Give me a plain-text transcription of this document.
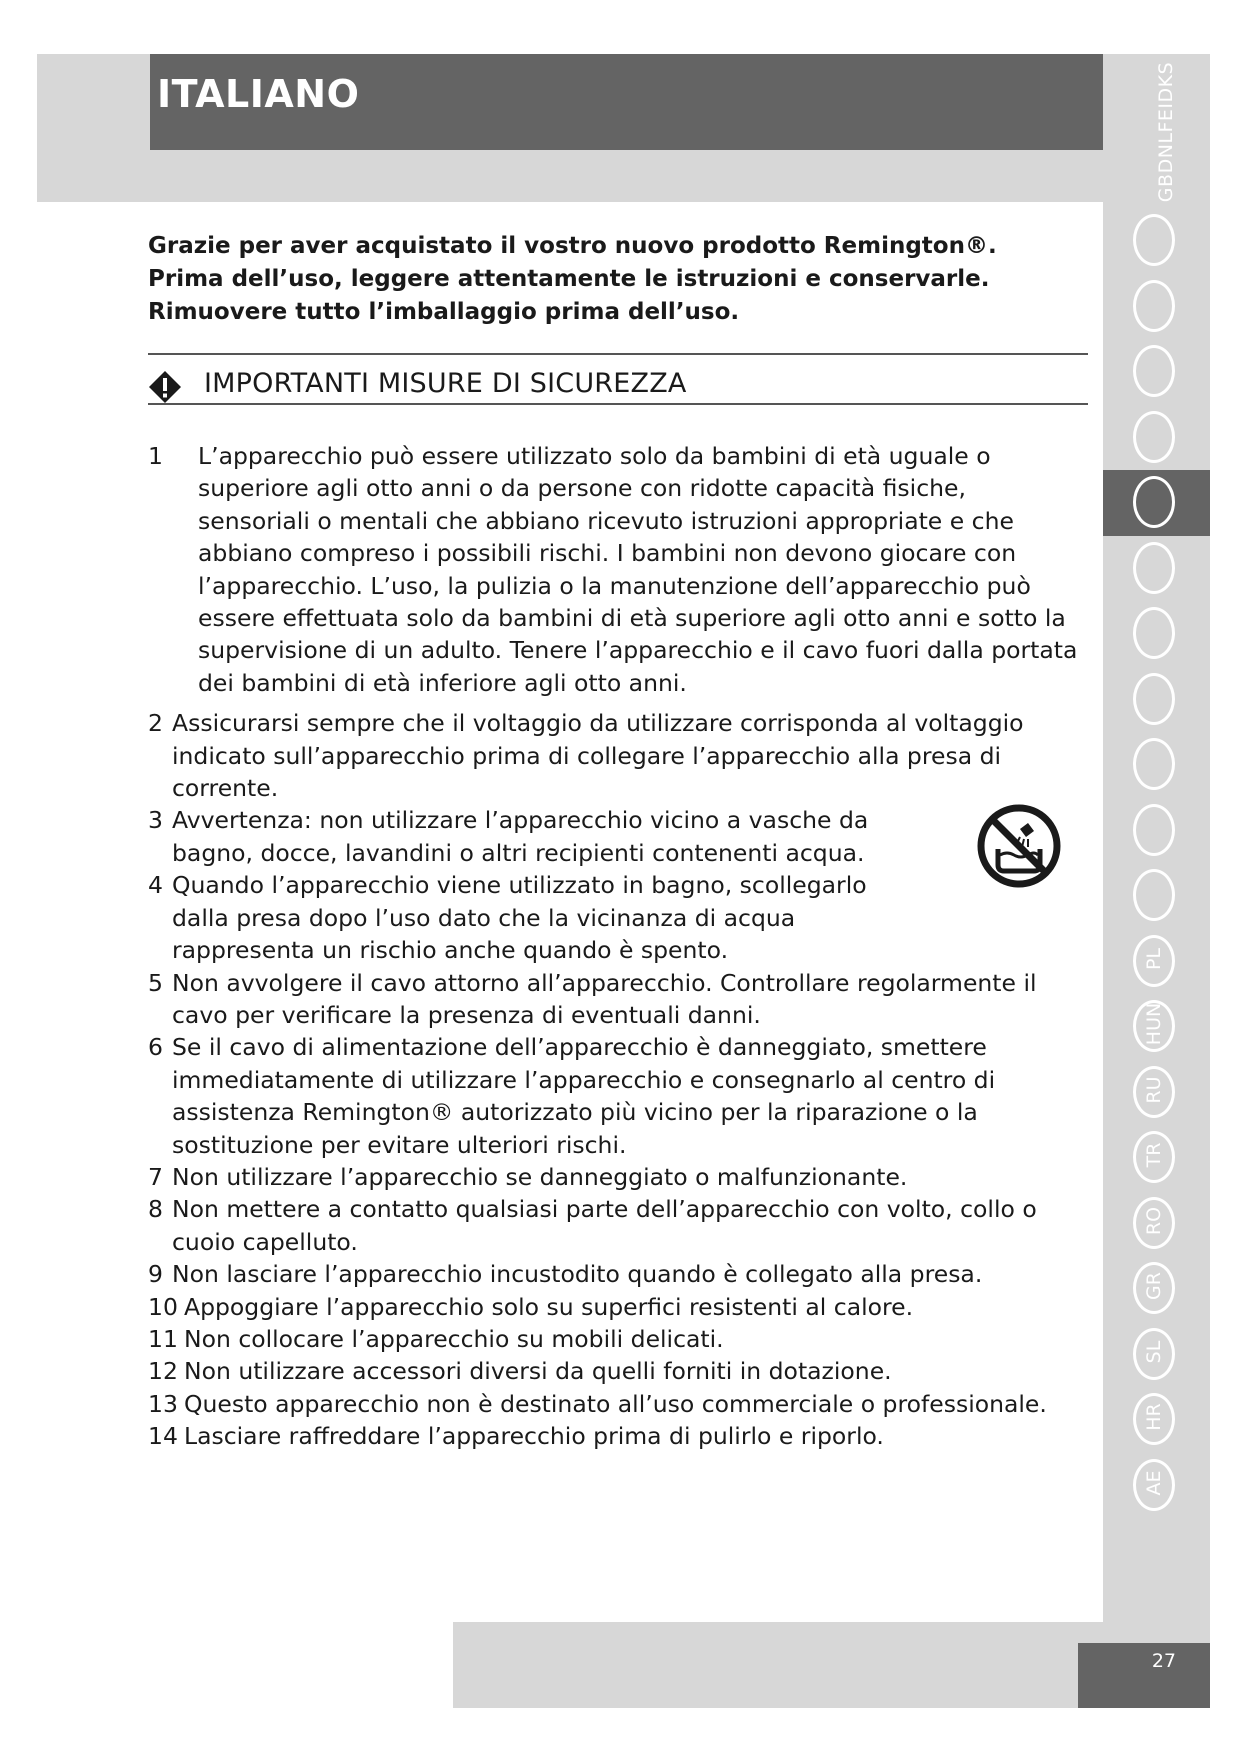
ITALIANO	GBDNLFEIDKS
PL
HUN
RU
TR
RO
GR
SL
HR
AE

Grazie per aver acquistato il vostro nuovo prodotto Remington®. Prima dell’uso, leggere attentamente le istruzioni e conservarle.

Rimuovere tutto l’imballaggio prima dell’uso.

IMPORTANTI MISURE DI SICUREZZA
1	L’apparecchio può essere utilizzato solo da bambini di età uguale o superiore agli otto anni o da persone con ridotte capacità fisiche, sensoriali o mentali che abbiano ricevuto istruzioni appropriate e che abbiano compreso i possibili rischi. I bambini non devono giocare con l’apparecchio. L’uso, la pulizia o la manutenzione dell’apparecchio può essere effettuata solo da bambini di età superiore agli otto anni e sotto la supervisione di un adulto. Tenere l’apparecchio e il cavo fuori dalla portata dei bambini di età inferiore agli otto anni.
2 Assicurarsi sempre che il voltaggio da utilizzare corrisponda al voltaggio indicato sull’apparecchio prima di collegare l’apparecchio alla presa di corrente.
3 Avvertenza: non utilizzare l’apparecchio vicino a vasche da bagno, docce, lavandini o altri recipienti contenenti acqua.
4 Quando l’apparecchio viene utilizzato in bagno, scollegarlo dalla presa dopo l’uso dato che la vicinanza di acqua rappresenta un rischio anche quando è spento.
5 Non avvolgere il cavo attorno all’apparecchio. Controllare regolarmente il cavo per verificare la presenza di eventuali danni.
6 Se il cavo di alimentazione dell’apparecchio è danneggiato, smettere immediatamente di utilizzare l’apparecchio e consegnarlo al centro di assistenza Remington® autorizzato più vicino per la riparazione o la sostituzione per evitare ulteriori rischi.
7 Non utilizzare l’apparecchio se danneggiato o malfunzionante.
8 Non mettere a contatto qualsiasi parte dell’apparecchio con volto, collo o cuoio capelluto.
9 Non lasciare l’apparecchio incustodito quando è collegato alla presa.
10 Appoggiare l’apparecchio solo su superfici resistenti al calore.
11 Non collocare l’apparecchio su mobili delicati.
12 Non utilizzare accessori diversi da quelli forniti in dotazione.
13 Questo apparecchio non è destinato all’uso commerciale o professionale.
14 Lasciare raffreddare l’apparecchio prima di pulirlo e riporlo.
27
